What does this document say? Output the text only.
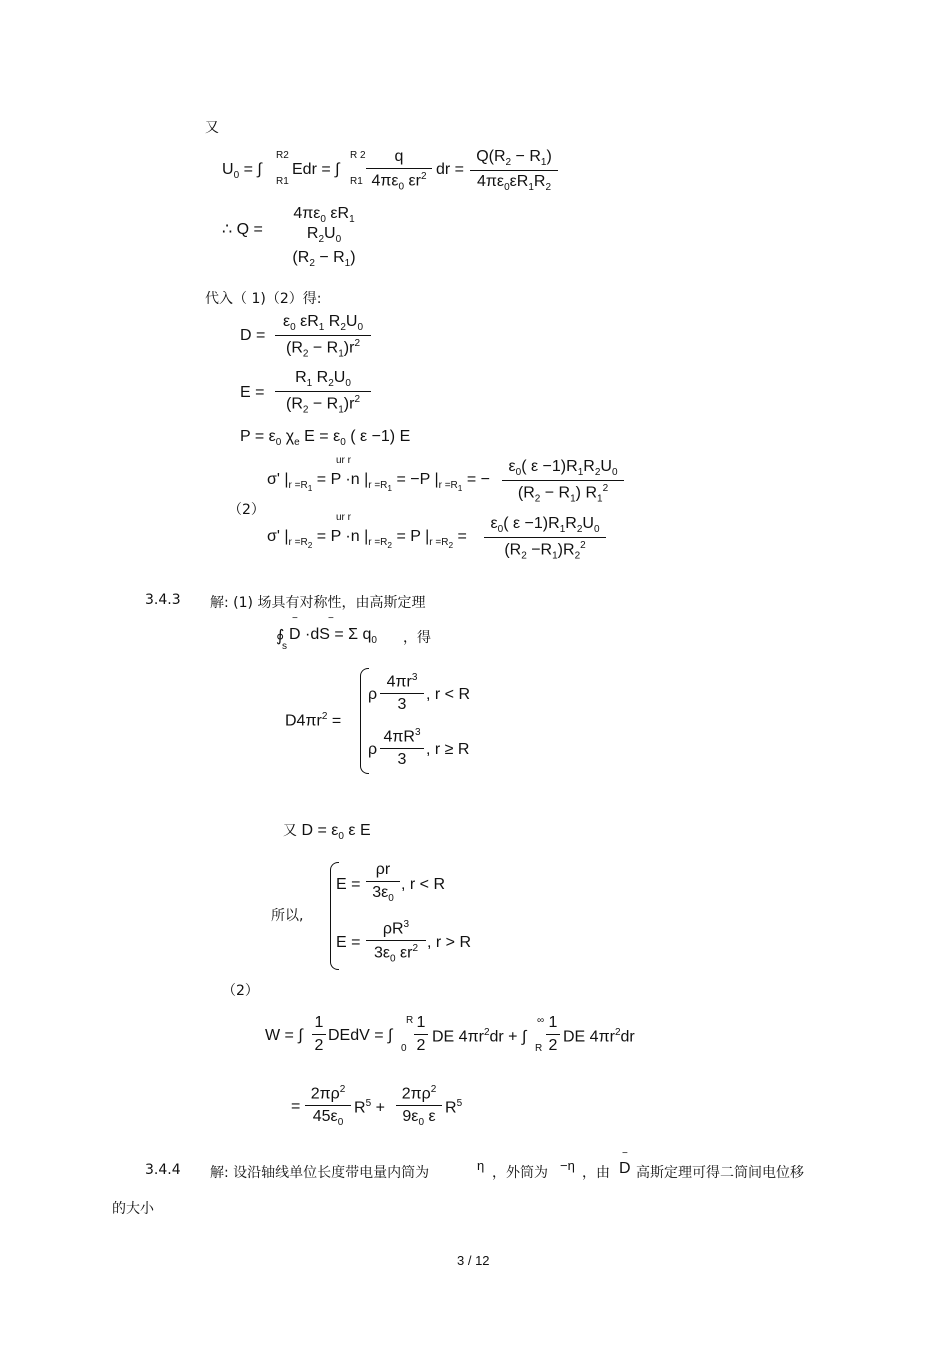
又
$U_0$ = ∫
R2
R1
Edr = ∫
R 2
R1
q
$4\pi\varepsilon_0$ $\varepsilon r^2$ dr =
$Q(R_2 - R_1)$
$4\pi\varepsilon_0\varepsilon R_1R_2$
∴ Q =
$4\pi\varepsilon_0$ $\varepsilon R_1$ $R_2U_0$
$(R_2 - R_1)$
代入（ 1)（2）得:
D =
$\varepsilon_0$ $\varepsilon R_1$ $R_2U_0$
$(R_2 - R_1)r^2$
E =
$R_1$ $R_2U_0$
$(R_2 - R_1)r^2$
$P = \varepsilon_0$ $\chi_e$ $E = \varepsilon_0$ ( ε −1) E
σ' $|_{r =R_1} = P \cdot n$ $|_{r =R_1} = -P$ $|_{r =R_1}$ = −
ur r	$\varepsilon_0$( $\varepsilon -1)R_1R_2U_0$
$(R_2 - R_1)$ $R_1^2$
（2）
σ' $|_{r =R_2} = P \cdot n$ $|_{r =R_2} = P$ $|_{r =R_2}$ =
ur r	$\varepsilon_0$( $\varepsilon -1)R_1R_2U_0$
$(R_2 -R_1)R_2^2$
3.4.3 解: (1) 场具有对称性，由高斯定理
∮
s
D ·dS = Σ $q_0$
−	−
，得
$D4\pi r^2$ =
ρ
$4\pi r^3$
3
, r < R
ρ
$4\pi R^3$
3
, r ≥ R
又 $D = \varepsilon_0$ ε E
所以,
E =
ρr
$3\varepsilon_0$
, r < R
E =
$\rho R^3$
$3\varepsilon_0$ $\varepsilon r^2$ , r > R
（2）
W = ∫
1
2
DEdV = ∫
R
0
1
2
DE $4\pi r^2dr$ + ∫
∞
R
1
2
DE $4\pi r^2dr$
=
$2\pi\rho^2$
$45\varepsilon_0$
$R^5$ +
$2\pi\rho^2$
$9\varepsilon_0$ ε
$R^5$
3.4.4 解: 设沿轴线单位长度带电量内筒为	η ，外筒为 −η ，由
−
D 高斯定理可得二筒间电位移
的大小
3 / 12
